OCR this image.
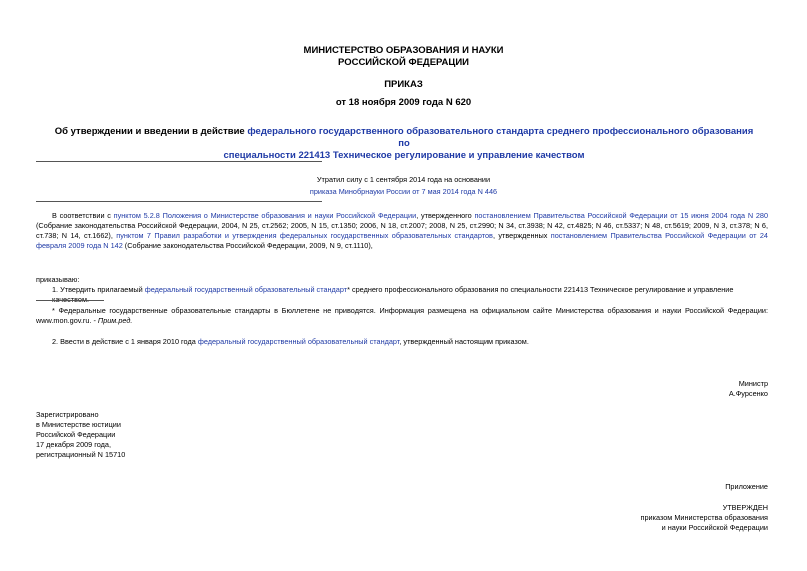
МИНИСТЕРСТВО ОБРАЗОВАНИЯ И НАУКИ
РОССИЙСКОЙ ФЕДЕРАЦИИ
ПРИКАЗ
от 18 ноября 2009 года N 620
Об утверждении и введении в действие федерального государственного образовательного стандарта среднего профессионального образования по
специальности 221413 Техническое регулирование и управление качеством
Утратил силу с 1 сентября 2014 года на основании
приказа Минобрнауки России от 7 мая 2014 года N 446
В соответствии с пунктом 5.2.8 Положения о Министерстве образования и науки Российской Федерации, утвержденного постановлением Правительства Российской Федерации от 15 июня 2004 года N 280 (Собрание законодательства Российской Федерации, 2004, N 25, ст.2562; 2005, N 15, ст.1350; 2006, N 18, ст.2007; 2008, N 25, ст.2990; N 34, ст.3938; N 42, ст.4825; N 46, ст.5337; N 48, ст.5619; 2009, N 3, ст.378; N 6, ст.738; N 14, ст.1662), пунктом 7 Правил разработки и утверждения федеральных государственных образовательных стандартов, утвержденных постановлением Правительства Российской Федерации от 24 февраля 2009 года N 142 (Собрание законодательства Российской Федерации, 2009, N 9, ст.1110),
приказываю:
1. Утвердить прилагаемый федеральный государственный образовательный стандарт* среднего профессионального образования по специальности 221413 Техническое регулирование и управление качеством.
* Федеральные государственные образовательные стандарты в Бюллетене не приводятся. Информация размещена на официальном сайте Министерства образования и науки Российской Федерации: www.mon.gov.ru. - Прим.ред.
2. Ввести в действие с 1 января 2010 года федеральный государственный образовательный стандарт, утвержденный настоящим приказом.
Министр
А.Фурсенко
Зарегистрировано
в Министерстве юстиции
Российской Федерации
17 декабря 2009 года,
регистрационный N 15710
Приложение
УТВЕРЖДЕН
приказом Министерства образования
и науки Российской Федерации
